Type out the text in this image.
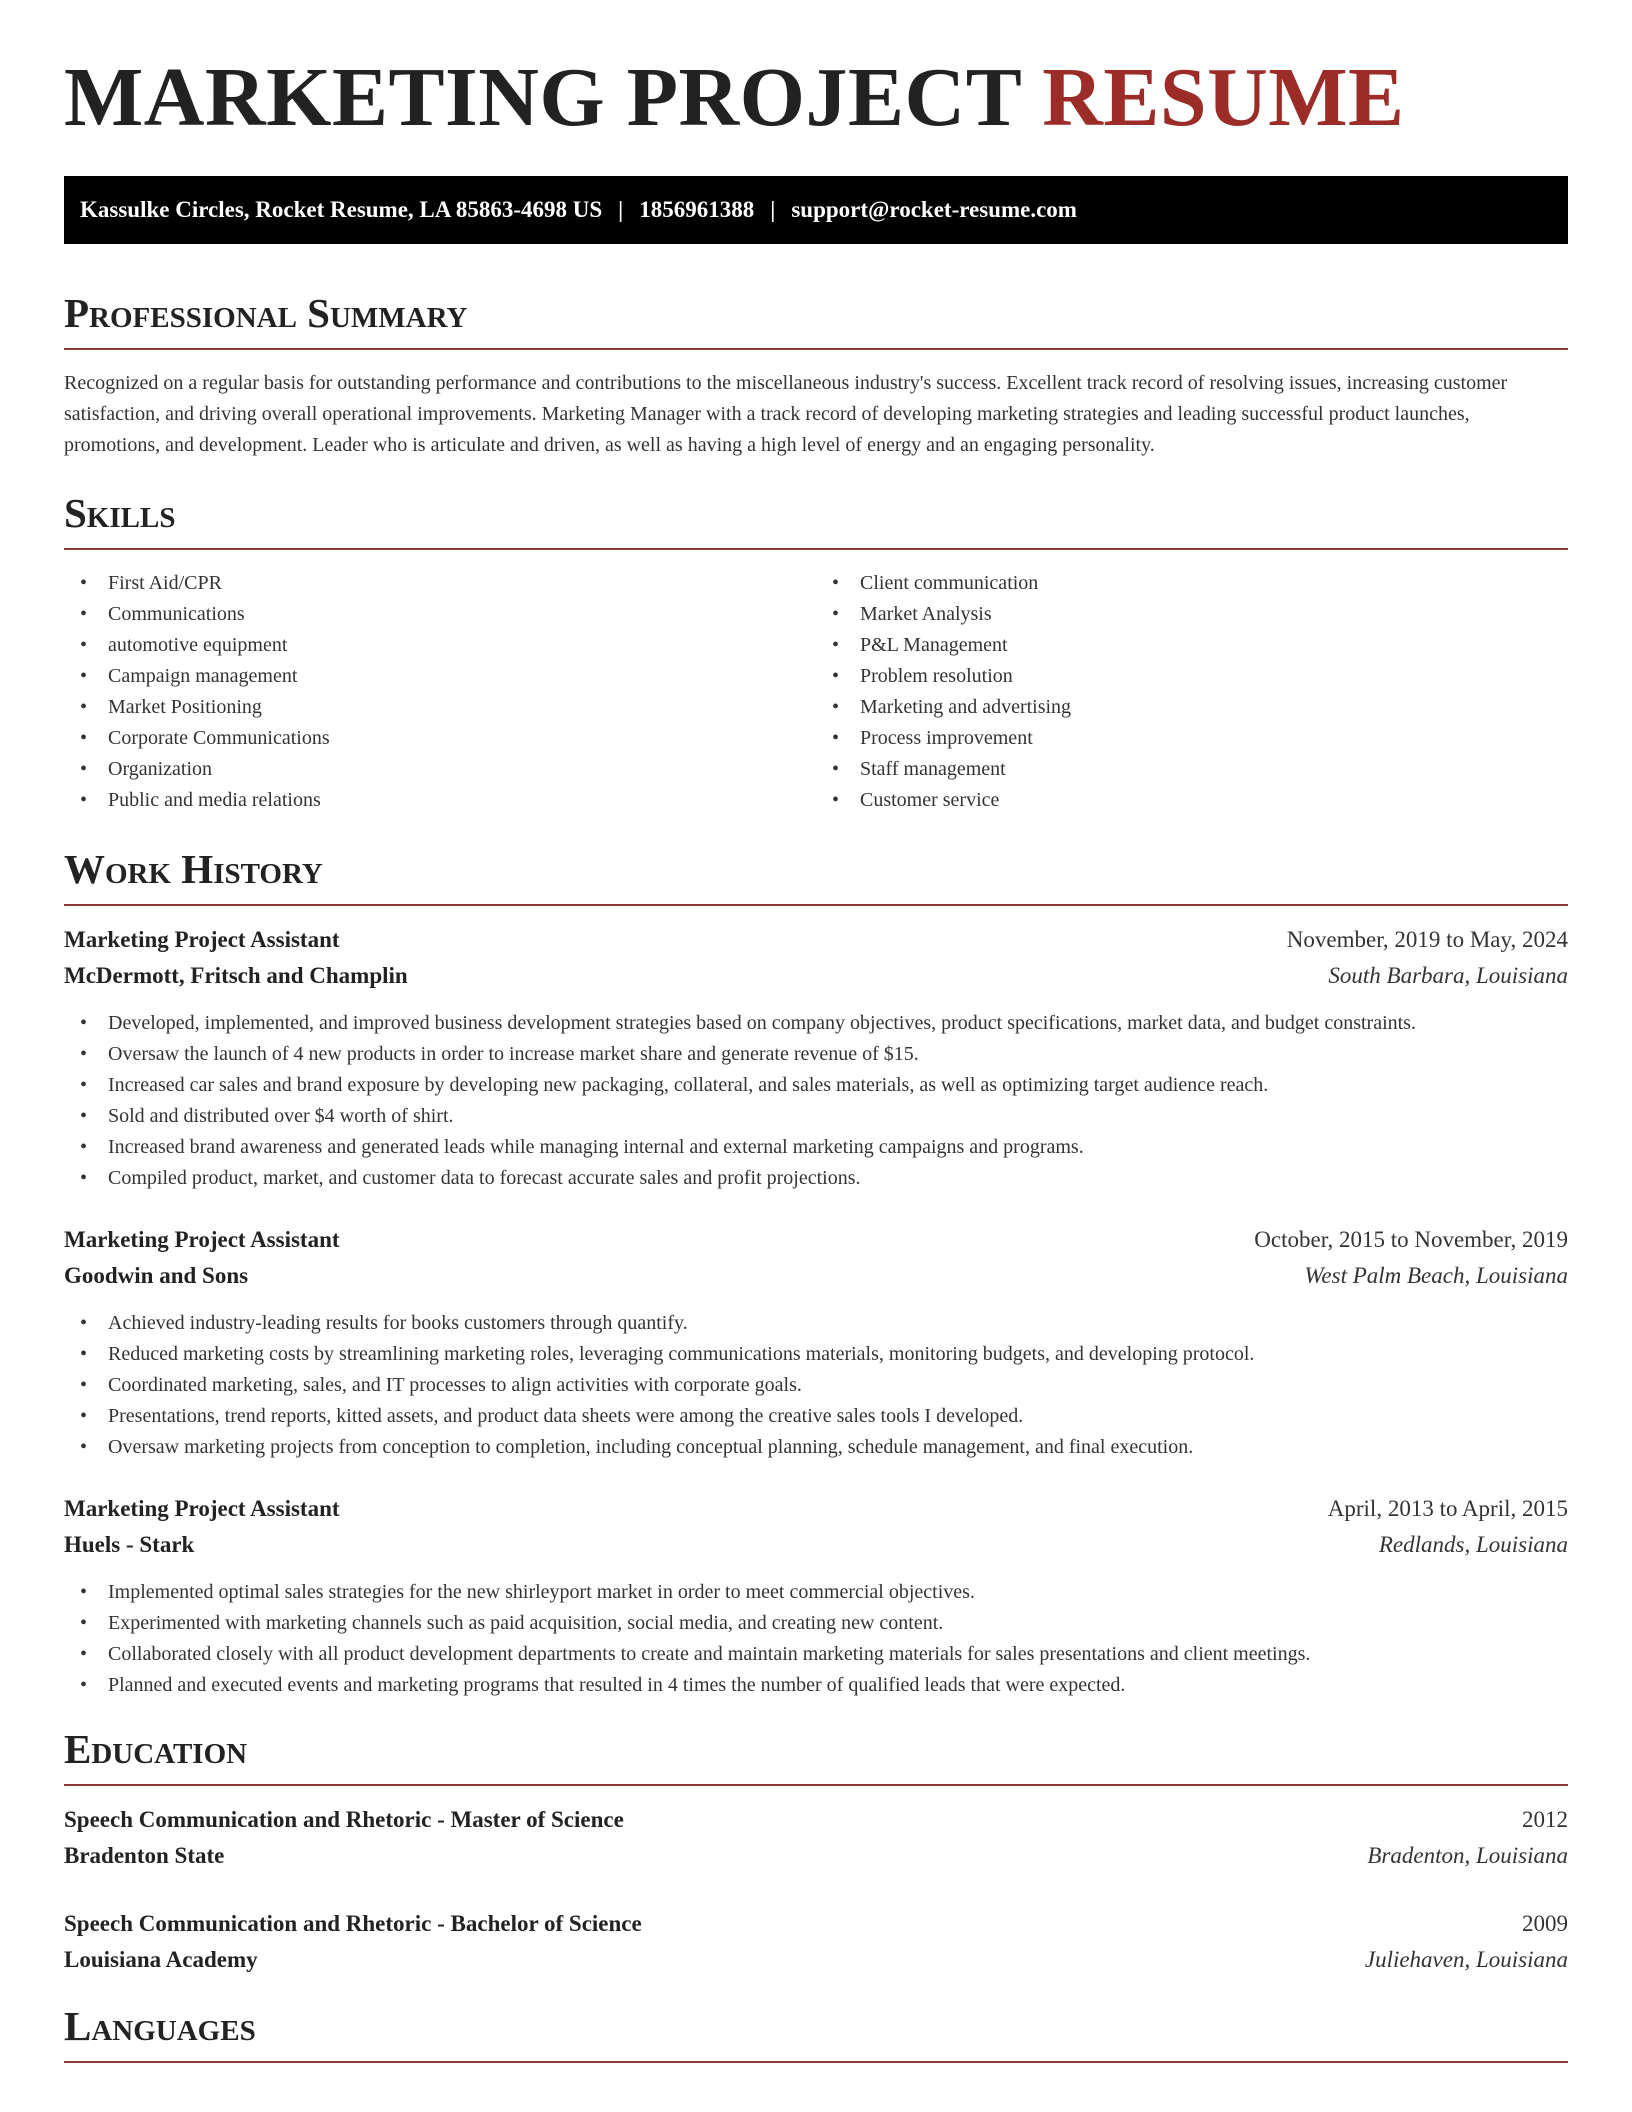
MARKETING PROJECT RESUME
Kassulke Circles, Rocket Resume, LA 85863-4698 US | 1856961388 | support@rocket-resume.com
Professional Summary

Recognized on a regular basis for outstanding performance and contributions to the miscellaneous industry's success. Excellent track record of resolving issues, increasing customer satisfaction, and driving overall operational improvements. Marketing Manager with a track record of developing marketing strategies and leading successful product launches, promotions, and development. Leader who is articulate and driven, as well as having a high level of energy and an engaging personality.

Skills
• First Aid/CPR
• Communications
• automotive equipment
• Campaign management
• Market Positioning
• Corporate Communications
• Organization
• Public and media relations
• Client communication
• Market Analysis
• P&L Management
• Problem resolution
• Marketing and advertising
• Process improvement
• Staff management
• Customer service
Work History
Marketing Project Assistant	November, 2019 to May, 2024
McDermott, Fritsch and Champlin	South Barbara, Louisiana
• Developed, implemented, and improved business development strategies based on company objectives, product specifications, market data, and budget constraints.
• Oversaw the launch of 4 new products in order to increase market share and generate revenue of $15.
• Increased car sales and brand exposure by developing new packaging, collateral, and sales materials, as well as optimizing target audience reach.
• Sold and distributed over $4 worth of shirt.
• Increased brand awareness and generated leads while managing internal and external marketing campaigns and programs.
• Compiled product, market, and customer data to forecast accurate sales and profit projections.
Marketing Project Assistant	October, 2015 to November, 2019
Goodwin and Sons	West Palm Beach, Louisiana
• Achieved industry-leading results for books customers through quantify.
• Reduced marketing costs by streamlining marketing roles, leveraging communications materials, monitoring budgets, and developing protocol.
• Coordinated marketing, sales, and IT processes to align activities with corporate goals.
• Presentations, trend reports, kitted assets, and product data sheets were among the creative sales tools I developed.
• Oversaw marketing projects from conception to completion, including conceptual planning, schedule management, and final execution.
Marketing Project Assistant	April, 2013 to April, 2015
Huels - Stark	Redlands, Louisiana
• Implemented optimal sales strategies for the new shirleyport market in order to meet commercial objectives.
• Experimented with marketing channels such as paid acquisition, social media, and creating new content.
• Collaborated closely with all product development departments to create and maintain marketing materials for sales presentations and client meetings.
• Planned and executed events and marketing programs that resulted in 4 times the number of qualified leads that were expected.
Education
Speech Communication and Rhetoric - Master of Science	2012
Bradenton State	Bradenton, Louisiana
Speech Communication and Rhetoric - Bachelor of Science	2009
Louisiana Academy	Juliehaven, Louisiana
Languages
